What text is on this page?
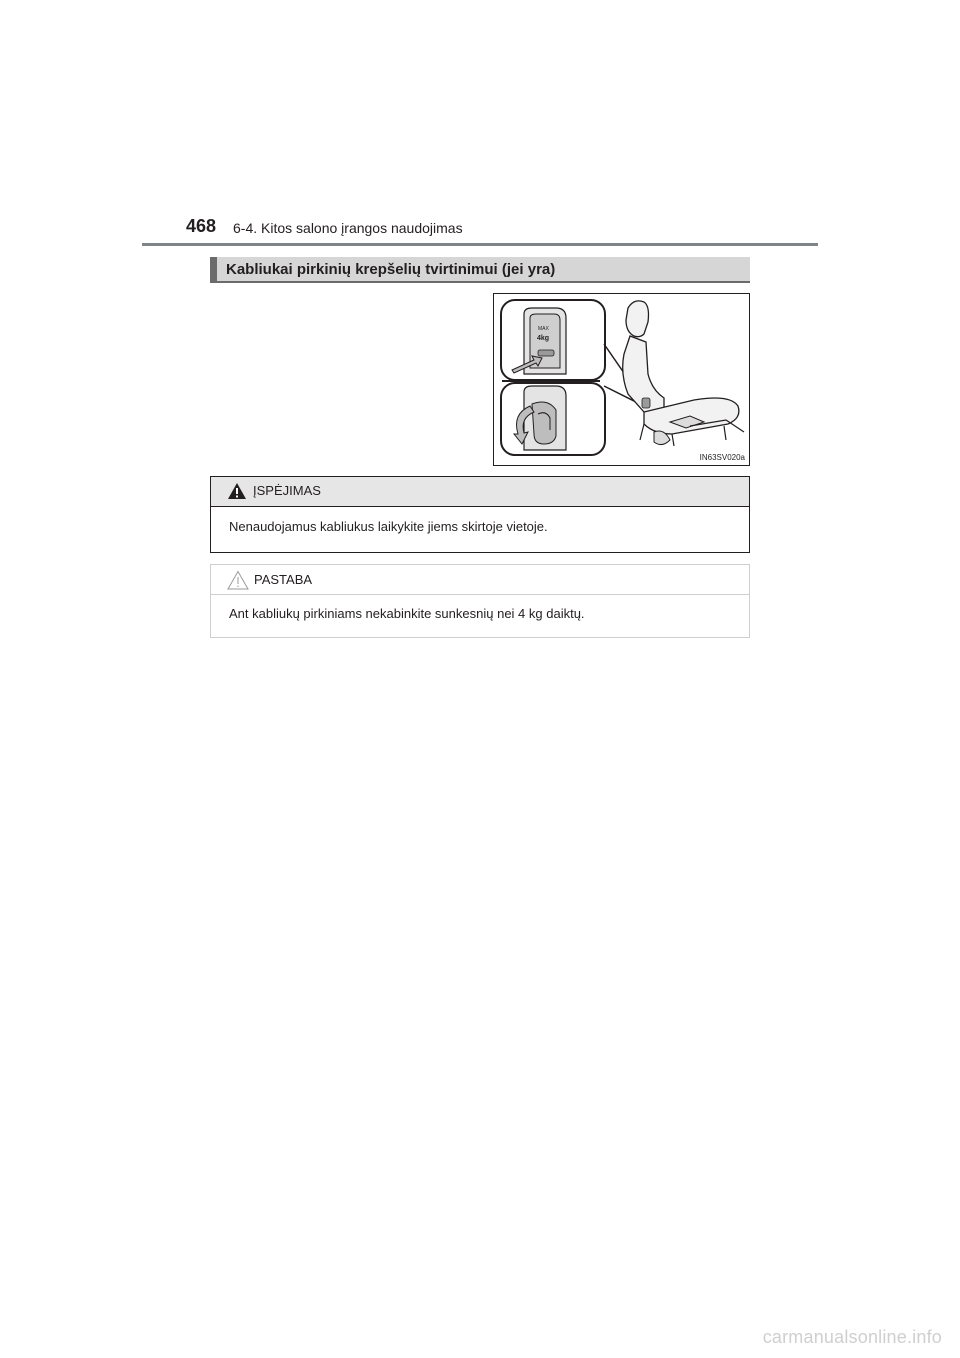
468 6-4. Kitos salono įrangos naudojimas
Kabliukai pirkinių krepšelių tvirtinimui (jei yra)
MAX
4kg
IN63SV020a
ĮSPĖJIMAS
Nenaudojamus kabliukus laikykite jiems skirtoje vietoje.
PASTABA
Ant kabliukų pirkiniams nekabinkite sunkesnių nei 4 kg daiktų.
carmanualsonline.info
